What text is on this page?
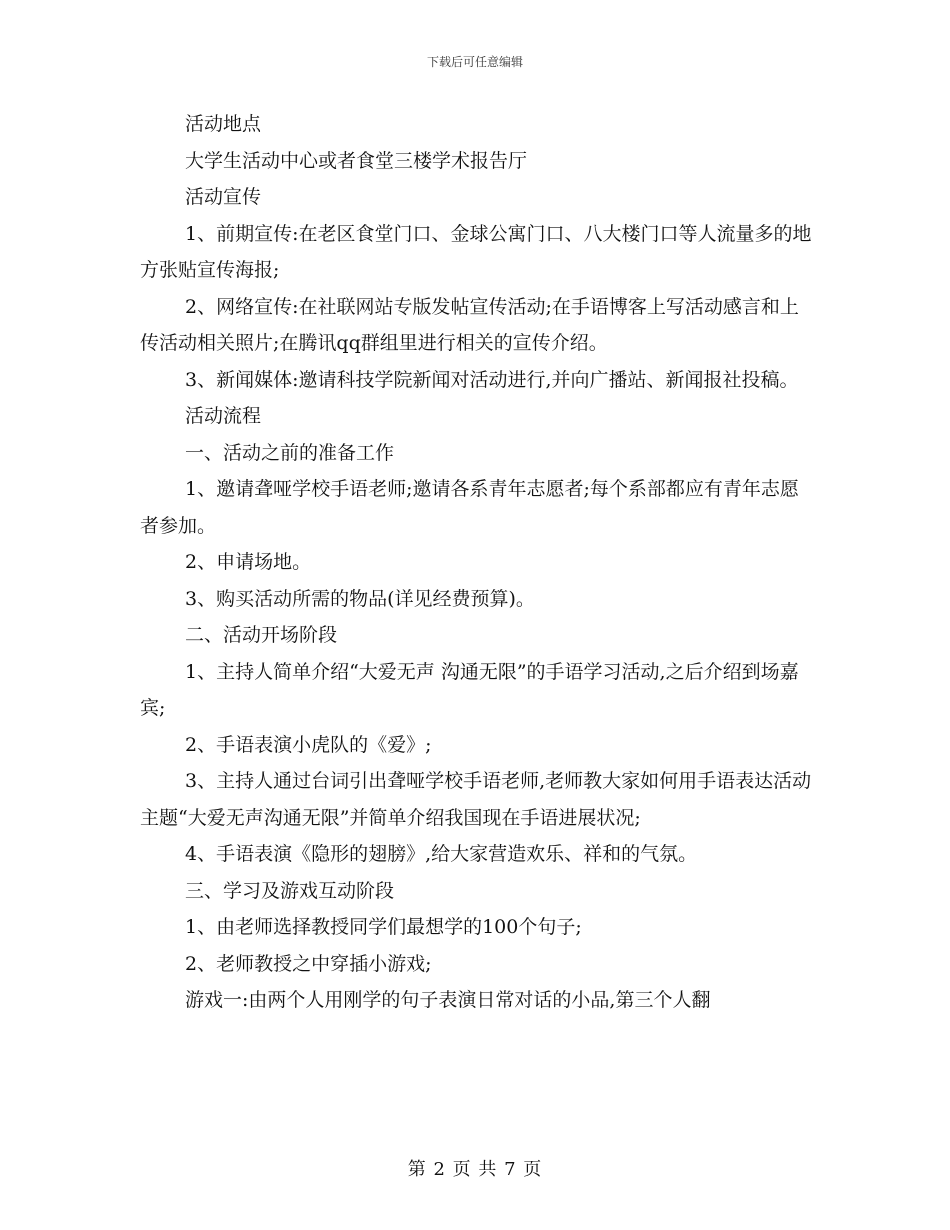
下载后可任意编辑

活动地点

大学生活动中心或者食堂三楼学术报告厅

活动宣传

1、前期宣传:在老区食堂门口、金球公寓门口、八大楼门口等人流量多的地方张贴宣传海报;

2、网络宣传:在社联网站专版发帖宣传活动;在手语博客上写活动感言和上传活动相关照片;在腾讯qq群组里进行相关的宣传介绍。

3、新闻媒体:邀请科技学院新闻对活动进行,并向广播站、新闻报社投稿。

活动流程

一、活动之前的准备工作

1、邀请聋哑学校手语老师;邀请各系青年志愿者;每个系部都应有青年志愿者参加。

2、申请场地。

3、购买活动所需的物品(详见经费预算)。

二、活动开场阶段

1、主持人简单介绍“大爱无声 沟通无限”的手语学习活动,之后介绍到场嘉宾;

2、手语表演小虎队的《爱》;

3、主持人通过台词引出聋哑学校手语老师,老师教大家如何用手语表达活动主题“大爱无声沟通无限”并简单介绍我国现在手语进展状况;

4、手语表演《隐形的翅膀》,给大家营造欢乐、祥和的气氛。

三、学习及游戏互动阶段

1、由老师选择教授同学们最想学的100个句子;

2、老师教授之中穿插小游戏;

游戏一:由两个人用刚学的句子表演日常对话的小品,第三个人翻

第 2 页 共 7 页
